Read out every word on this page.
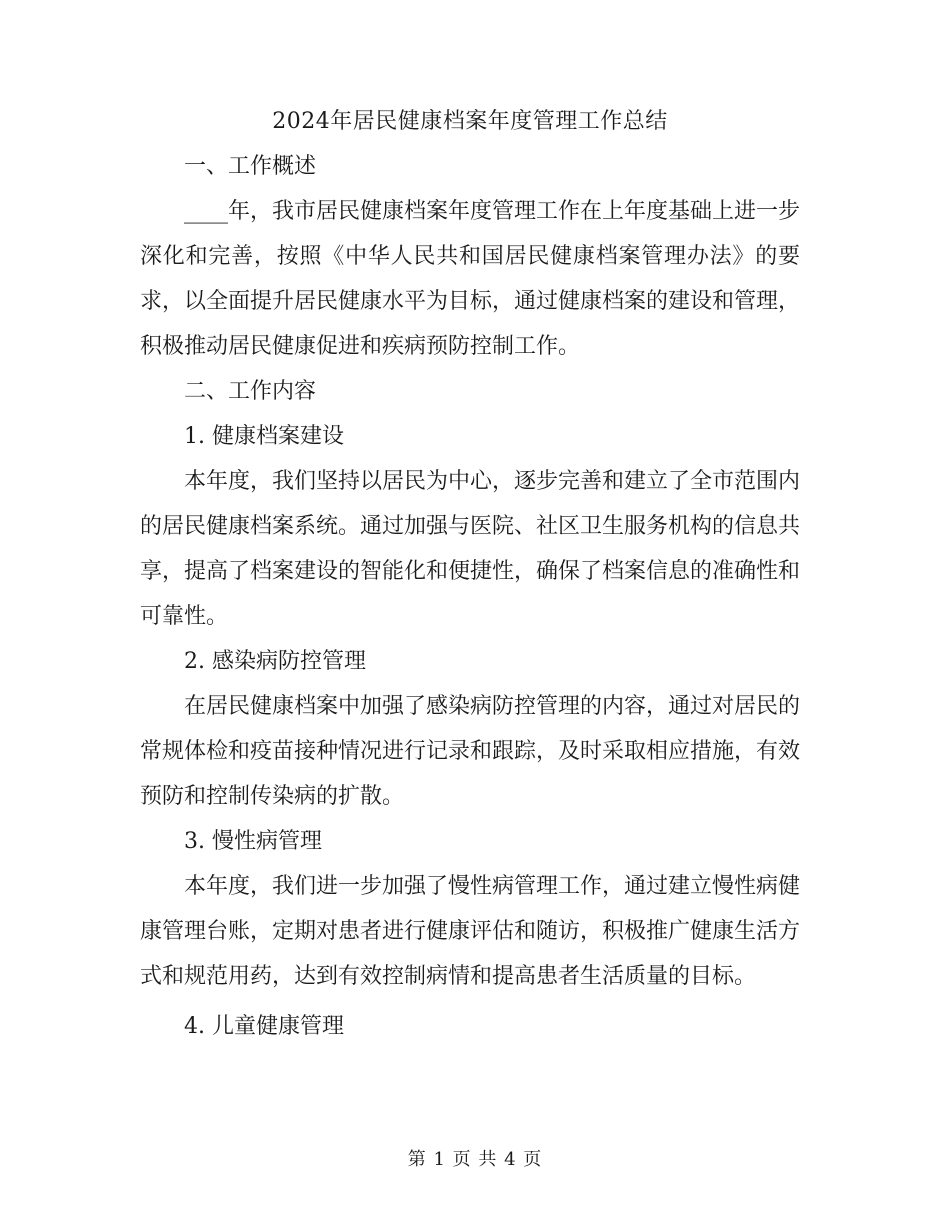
2024年居民健康档案年度管理工作总结

一、工作概述

____年，我市居民健康档案年度管理工作在上年度基础上进一步深化和完善，按照《中华人民共和国居民健康档案管理办法》的要求，以全面提升居民健康水平为目标，通过健康档案的建设和管理，积极推动居民健康促进和疾病预防控制工作。

二、工作内容

1. 健康档案建设

本年度，我们坚持以居民为中心，逐步完善和建立了全市范围内的居民健康档案系统。通过加强与医院、社区卫生服务机构的信息共享，提高了档案建设的智能化和便捷性，确保了档案信息的准确性和可靠性。

2. 感染病防控管理

在居民健康档案中加强了感染病防控管理的内容，通过对居民的常规体检和疫苗接种情况进行记录和跟踪，及时采取相应措施，有效预防和控制传染病的扩散。

3. 慢性病管理

本年度，我们进一步加强了慢性病管理工作，通过建立慢性病健康管理台账，定期对患者进行健康评估和随访，积极推广健康生活方式和规范用药，达到有效控制病情和提高患者生活质量的目标。

4. 儿童健康管理

第 1 页 共 4 页
